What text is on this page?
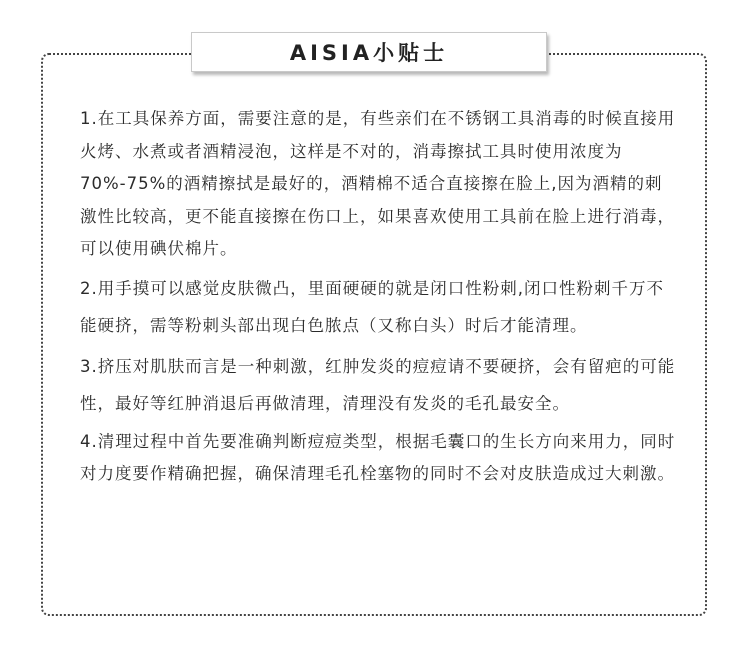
AISIA小贴士

1.在工具保养方面，需要注意的是，有些亲们在不锈钢工具消毒的时候直接用火烤、水煮或者酒精浸泡，这样是不对的，消毒擦拭工具时使用浓度为70%-75%的酒精擦拭是最好的，酒精棉不适合直接擦在脸上,因为酒精的刺激性比较高，更不能直接擦在伤口上，如果喜欢使用工具前在脸上进行消毒，可以使用碘伏棉片。

2.用手摸可以感觉皮肤微凸，里面硬硬的就是闭口性粉刺,闭口性粉刺千万不能硬挤，需等粉刺头部出现白色脓点（又称白头）时后才能清理。

3.挤压对肌肤而言是一种刺激，红肿发炎的痘痘请不要硬挤，会有留疤的可能性，最好等红肿消退后再做清理，清理没有发炎的毛孔最安全。

4.清理过程中首先要准确判断痘痘类型，根据毛囊口的生长方向来用力，同时对力度要作精确把握，确保清理毛孔栓塞物的同时不会对皮肤造成过大刺激。
